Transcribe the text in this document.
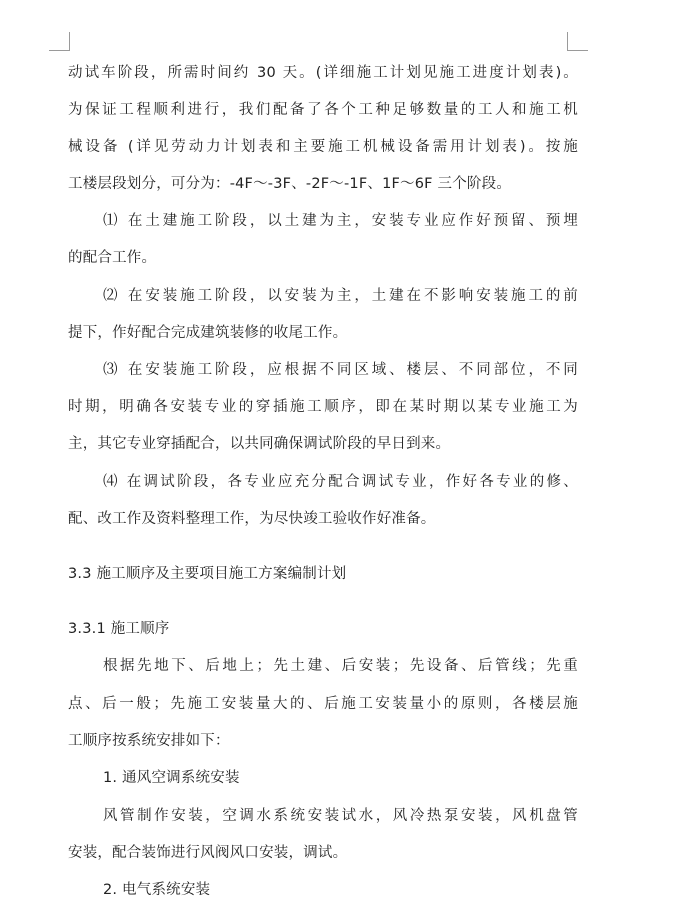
动试车阶段，所需时间约 30 天。(详细施工计划见施工进度计划表)。
为保证工程顺利进行，我们配备了各个工种足够数量的工人和施工机
械设备 (详见劳动力计划表和主要施工机械设备需用计划表)。按施
工楼层段划分，可分为：-4F～-3F、-2F～-1F、1F～6F 三个阶段。
⑴ 在土建施工阶段，以土建为主，安装专业应作好预留、预埋
的配合工作。
⑵ 在安装施工阶段，以安装为主，土建在不影响安装施工的前
提下，作好配合完成建筑装修的收尾工作。
⑶ 在安装施工阶段，应根据不同区域、楼层、不同部位，不同
时期，明确各安装专业的穿插施工顺序，即在某时期以某专业施工为
主，其它专业穿插配合，以共同确保调试阶段的早日到来。
⑷ 在调试阶段，各专业应充分配合调试专业，作好各专业的修、
配、改工作及资料整理工作，为尽快竣工验收作好准备。
3.3 施工顺序及主要项目施工方案编制计划
3.3.1 施工顺序
根据先地下、后地上；先土建、后安装；先设备、后管线；先重
点、后一般；先施工安装量大的、后施工安装量小的原则，各楼层施
工顺序按系统安排如下：
1. 通风空调系统安装
风管制作安装，空调水系统安装试水，风冷热泵安装，风机盘管
安装，配合装饰进行风阀风口安装，调试。
2. 电气系统安装
